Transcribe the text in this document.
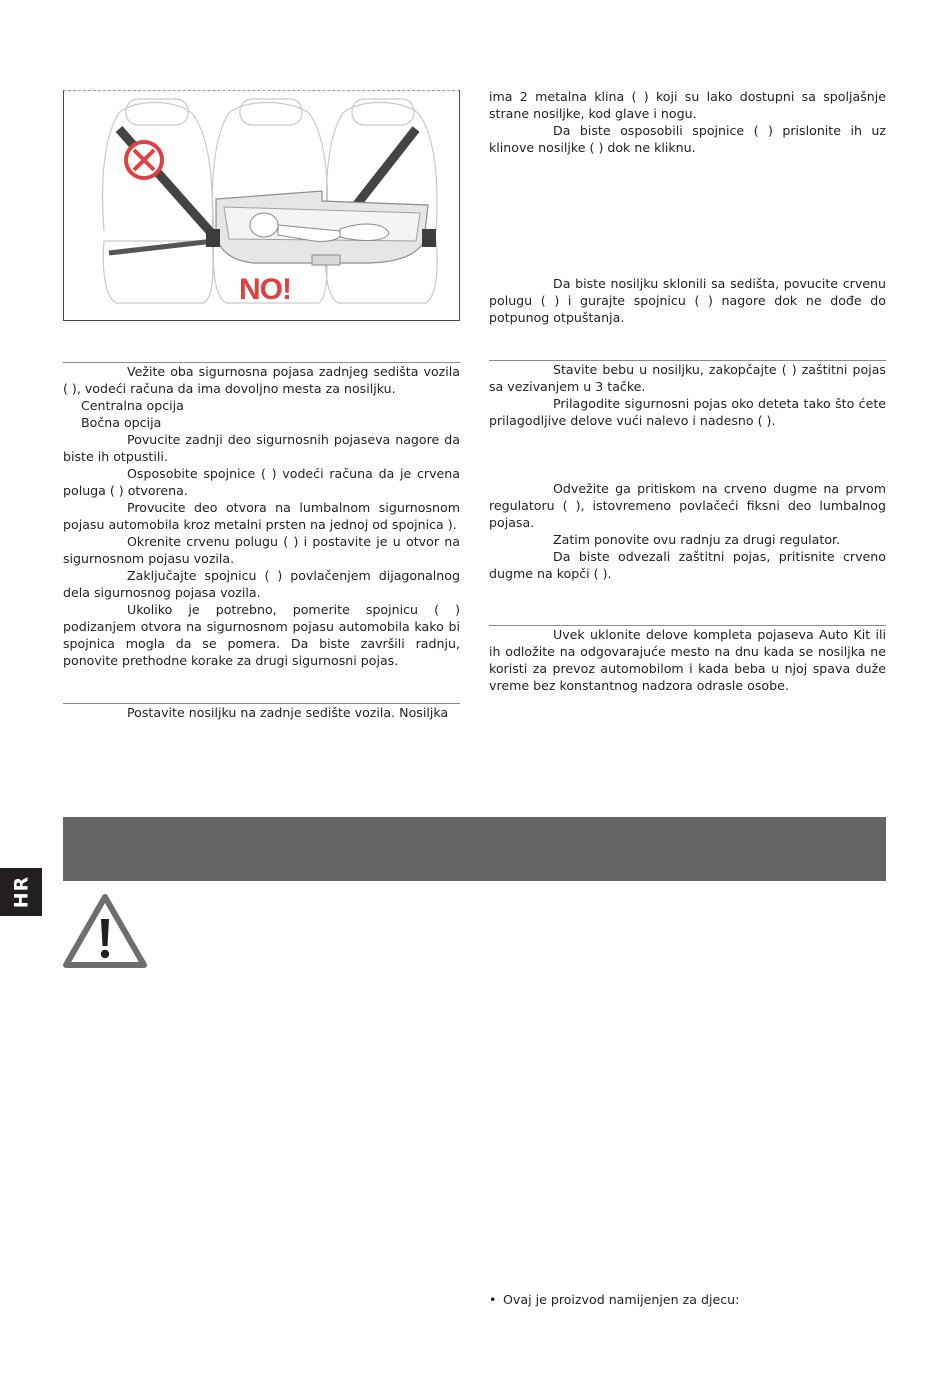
NO!

Vežite oba sigurnosna pojasa zadnjeg sedišta vozila ( ), vodeći računa da ima dovoljno mesta za nosiljku.

Centralna opcija

Bočna opcija

Povucite zadnji deo sigurnosnih pojaseva nagore da biste ih otpustili.

Osposobite spojnice ( ) vodeći računa da je crvena poluga ( ) otvorena.

Provucite deo otvora na lumbalnom sigurnosnom pojasu automobila kroz metalni prsten na jednoj od spojnica ).

Okrenite crvenu polugu ( ) i postavite je u otvor na sigurnosnom pojasu vozila.

Zaključajte spojnicu ( ) povlačenjem dijagonalnog dela sigurnosnog pojasa vozila.

Ukoliko je potrebno, pomerite spojnicu ( ) podizanjem otvora na sigurnosnom pojasu automobila kako bi spojnica mogla da se pomera. Da biste završili radnju, ponovite prethodne korake za drugi sigurnosni pojas.

Postavite nosiljku na zadnje sedište vozila. Nosiljka

ima 2 metalna klina ( ) koji su lako dostupni sa spoljašnje strane nosiljke, kod glave i nogu.

Da biste osposobili spojnice ( ) prislonite ih uz klinove nosiljke ( ) dok ne kliknu.

Da biste nosiljku sklonili sa sedišta, povucite crvenu polugu ( ) i gurajte spojnicu ( ) nagore dok ne dođe do potpunog otpuštanja.

Stavite bebu u nosiljku, zakopčajte ( ) zaštitni pojas sa vezivanjem u 3 tačke.

Prilagodite sigurnosni pojas oko deteta tako što ćete prilagodljive delove vući nalevo i nadesno ( ).

Odvežite ga pritiskom na crveno dugme na prvom regulatoru ( ), istovremeno povlačeći fiksni deo lumbalnog pojasa.

Zatim ponovite ovu radnju za drugi regulator.

Da biste odvezali zaštitni pojas, pritisnite crveno dugme na kopči ( ).

Uvek uklonite delove kompleta pojaseva Auto Kit ili ih odložite na odgovarajuće mesto na dnu kada se nosiljka ne koristi za prevoz automobilom i kada beba u njoj spava duže vreme bez konstantnog nadzora odrasle osobe.

HR
• Ovaj je proizvod namijenjen za djecu:
